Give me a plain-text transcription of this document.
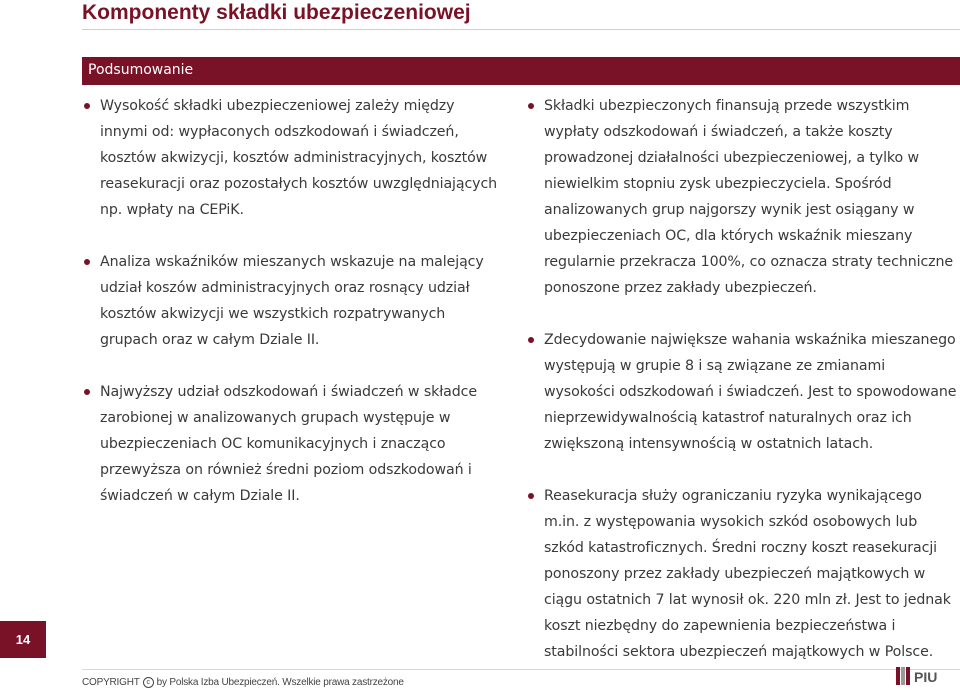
Komponenty składki ubezpieczeniowej
Podsumowanie
Wysokość składki ubezpieczeniowej zależy między innymi od: wypłaconych odszkodowań i świadczeń, kosztów akwizycji, kosztów administracyjnych, kosztów reasekuracji oraz pozostałych kosztów uwzględniających np. wpłaty na CEPiK.
Analiza wskaźników mieszanych wskazuje na malejący udział koszów administracyjnych oraz rosnący udział kosztów akwizycji we wszystkich rozpatrywanych grupach oraz w całym Dziale II.
Najwyższy udział odszkodowań i świadczeń w składce zarobionej w analizowanych grupach występuje w ubezpieczeniach OC komunikacyjnych i znacząco przewyższa on również średni poziom odszkodowań i świadczeń w całym Dziale II.
Składki ubezpieczonych finansują przede wszystkim wypłaty odszkodowań i świadczeń, a także koszty prowadzonej działalności ubezpieczeniowej, a tylko w niewielkim stopniu zysk ubezpieczyciela. Spośród analizowanych grup najgorszy wynik jest osiągany w ubezpieczeniach OC, dla których wskaźnik mieszany regularnie przekracza 100%, co oznacza straty techniczne ponoszone przez zakłady ubezpieczeń.
Zdecydowanie największe wahania wskaźnika mieszanego występują w grupie 8 i są związane ze zmianami wysokości odszkodowań i świadczeń. Jest to spowodowane nieprzewidywalnością katastrof naturalnych oraz ich zwiększoną intensywnością w ostatnich latach.
Reasekuracja służy ograniczaniu ryzyka wynikającego m.in. z występowania wysokich szkód osobowych lub szkód katastroficznych. Średni roczny koszt reasekuracji ponoszony przez zakłady ubezpieczeń majątkowych w ciągu ostatnich 7 lat wynosił ok. 220 mln zł. Jest to jednak koszt niezbędny do zapewnienia bezpieczeństwa i stabilności sektora ubezpieczeń majątkowych w Polsce.
14
COPYRIGHT c by Polska Izba Ubezpieczeń. Wszelkie prawa zastrzeżone	PIU
